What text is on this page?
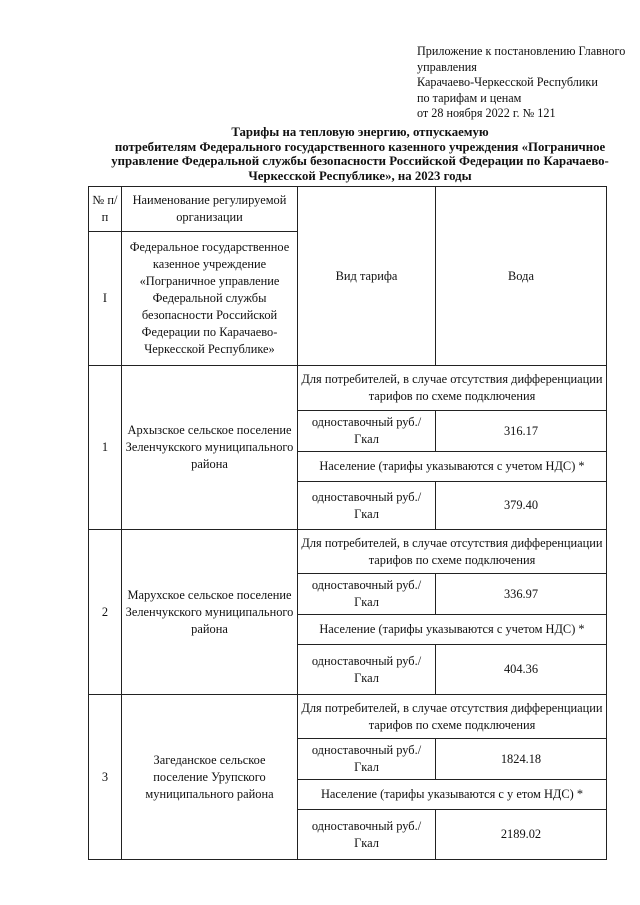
Приложение к постановлению Главного
управления
Карачаево-Черкесской Республики
по тарифам и ценам
от 28 ноября 2022 г. № 121
Тарифы на тепловую энергию, отпускаемую
потребителям Федерального государственного казенного учреждения «Пограничное
управление Федеральной службы безопасности Российской Федерации по Карачаево-
Черкесской Республике», на 2023 годы
№ п/п	Наименование регулируемой организации	Вид тарифа	Вода
I	Федеральное государственное казенное учреждение «Пограничное управление Федеральной службы безопасности Российской Федерации по Карачаево-Черкесской Республике»		
1	Архызское сельское поселение Зеленчукского муниципального района	Для потребителей, в случае отсутствия дифференциации тарифов по схеме подключения	
		одноставочный руб./Гкал	316.17
		Население (тарифы указываются с учетом НДС) *	
		одноставочный руб./Гкал	379.40
2	Марухское сельское поселение Зеленчукского муниципального района	Для потребителей, в случае отсутствия дифференциации тарифов по схеме подключения	
		одноставочный руб./Гкал	336.97
		Население (тарифы указываются с учетом НДС) *	
		одноставочный руб./Гкал	404.36
3	Загеданское сельское поселение Урупского муниципального района	Для потребителей, в случае отсутствия дифференциации тарифов по схеме подключения	
		одноставочный руб./Гкал	1824.18
		Население (тарифы указываются с у етом НДС) *	
		одноставочный руб./Гкал	2189.02
